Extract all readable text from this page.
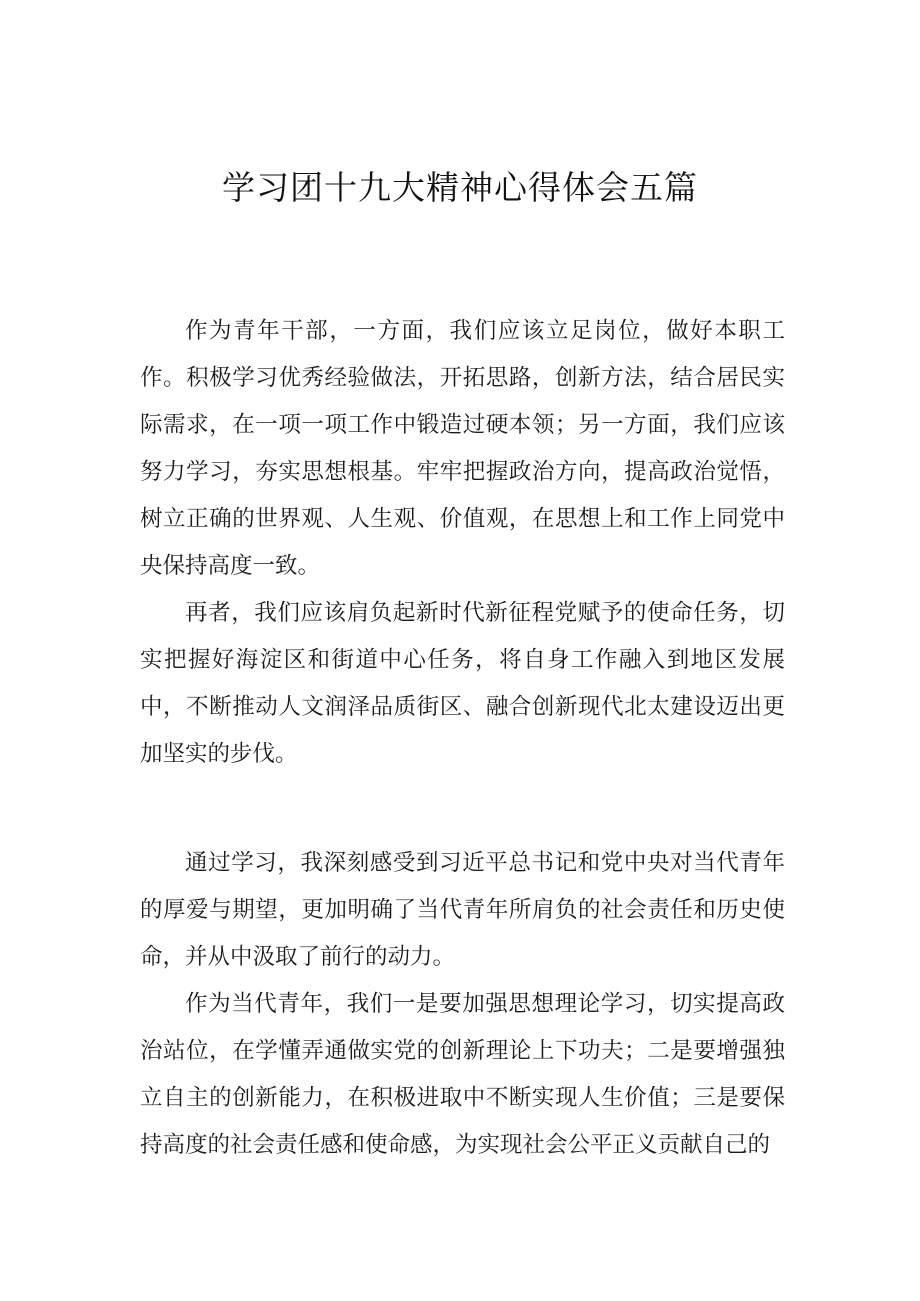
学习团十九大精神心得体会五篇

作为青年干部，一方面，我们应该立足岗位，做好本职工作。积极学习优秀经验做法，开拓思路，创新方法，结合居民实际需求，在一项一项工作中锻造过硬本领；另一方面，我们应该努力学习，夯实思想根基。牢牢把握政治方向，提高政治觉悟，树立正确的世界观、人生观、价值观，在思想上和工作上同党中央保持高度一致。

再者，我们应该肩负起新时代新征程党赋予的使命任务，切实把握好海淀区和街道中心任务，将自身工作融入到地区发展中，不断推动人文润泽品质街区、融合创新现代北太建设迈出更加坚实的步伐。

通过学习，我深刻感受到习近平总书记和党中央对当代青年的厚爱与期望，更加明确了当代青年所肩负的社会责任和历史使命，并从中汲取了前行的动力。

作为当代青年，我们一是要加强思想理论学习，切实提高政治站位，在学懂弄通做实党的创新理论上下功夫；二是要增强独立自主的创新能力，在积极进取中不断实现人生价值；三是要保持高度的社会责任感和使命感，为实现社会公平正义贡献自己的
